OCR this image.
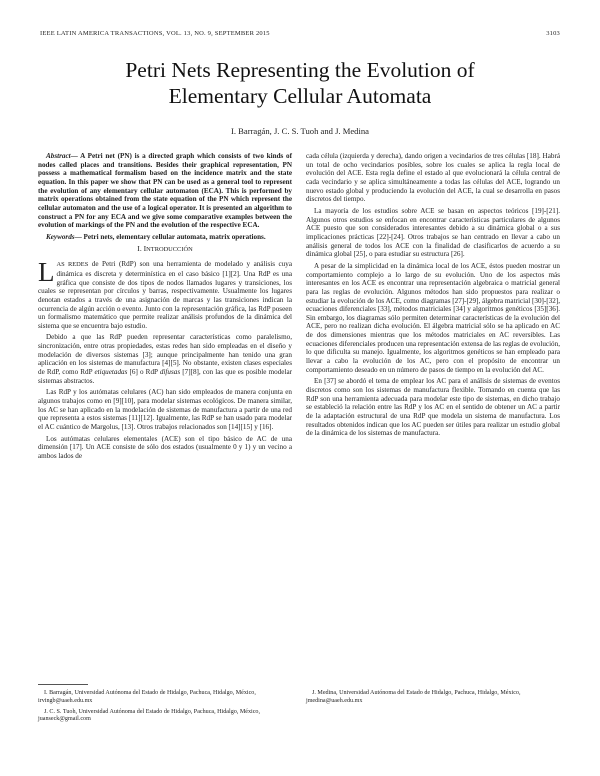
IEEE LATIN AMERICA TRANSACTIONS, VOL. 13, NO. 9, SEPTEMBER 2015	3103
Petri Nets Representing the Evolution of
Elementary Cellular Automata
I. Barragán, J. C. S. Tuoh and J. Medina

Abstract— A Petri net (PN) is a directed graph which consists of two kinds of nodes called places and transitions. Besides their graphical representation, PN possess a mathematical formalism based on the incidence matrix and the state equation. In this paper we show that PN can be used as a general tool to represent the evolution of any elementary cellular automaton (ECA). This is performed by matrix operations obtained from the state equation of the PN which represent the cellular automaton and the use of a logical operator. It is presented an algorithm to construct a PN for any ECA and we give some comparative examples between the evolution of markings of the PN and the evolution of the respective ECA.

Keywords— Petri nets, elementary cellular automata, matrix operations.

I. INTRODUCCIÓN

LAS REDES de Petri (RdP) son una herramienta de modelado y análisis cuya dinámica es discreta y determinística en el caso básico [1][2]. Una RdP es una gráfica que consiste de dos tipos de nodos llamados lugares y transiciones, los cuales se representan por círculos y barras, respectivamente. Usualmente los lugares denotan estados a través de una asignación de marcas y las transiciones indican la ocurrencia de algún acción o evento. Junto con la representación gráfica, las RdP poseen un formalismo matemático que permite realizar análisis profundos de la dinámica del sistema que se encuentra bajo estudio.

Debido a que las RdP pueden representar características como paralelismo, sincronización, entre otras propiedades, estas redes han sido empleadas en el diseño y modelación de diversos sistemas [3]; aunque principalmente han tenido una gran aplicación en los sistemas de manufactura [4][5]. No obstante, existen clases especiales de RdP, como RdP etiquetadas [6] o RdP difusas [7][8], con las que es posible modelar sistemas abstractos.

Las RdP y los autómatas celulares (AC) han sido empleados de manera conjunta en algunos trabajos como en [9][10], para modelar sistemas ecológicos. De manera similar, los AC se han aplicado en la modelación de sistemas de manufactura a partir de una red que representa a estos sistemas [11][12]. Igualmente, las RdP se han usado para modelar el AC cuántico de Margolus, [13]. Otros trabajos relacionados son [14][15] y [16].

Los autómatas celulares elementales (ACE) son el tipo básico de AC de una dimensión [17]. Un ACE consiste de sólo dos estados (usualmente 0 y 1) y un vecino a ambos lados de

cada célula (izquierda y derecha), dando origen a vecindarios de tres células [18]. Habrá un total de ocho vecindarios posibles, sobre los cuales se aplica la regla local de evolución del ACE. Esta regla define el estado al que evolucionará la célula central de cada vecindario y se aplica simultáneamente a todas las células del ACE, logrando un nuevo estado global y produciendo la evolución del ACE, la cual se desarrolla en pasos discretos del tiempo.

La mayoría de los estudios sobre ACE se basan en aspectos teóricos [19]-[21]. Algunos otros estudios se enfocan en encontrar características particulares de algunos ACE puesto que son considerados interesantes debido a su dinámica global o a sus implicaciones prácticas [22]-[24]. Otros trabajos se han centrado en llevar a cabo un análisis general de todos los ACE con la finalidad de clasificarlos de acuerdo a su dinámica global [25], o para estudiar su estructura [26].

A pesar de la simplicidad en la dinámica local de los ACE, éstos pueden mostrar un comportamiento complejo a lo largo de su evolución. Uno de los aspectos más interesantes en los ACE es encontrar una representación algebraica o matricial general para las reglas de evolución. Algunos métodos han sido propuestos para realizar o estudiar la evolución de los ACE, como diagramas [27]-[29], álgebra matricial [30]-[32], ecuaciones diferenciales [33], métodos matriciales [34] y algoritmos genéticos [35][36]. Sin embargo, los diagramas sólo permiten determinar características de la evolución del ACE, pero no realizan dicha evolución. El álgebra matricial sólo se ha aplicado en AC de dos dimensiones mientras que los métodos matriciales en AC reversibles. Las ecuaciones diferenciales producen una representación extensa de las reglas de evolución, lo que dificulta su manejo. Igualmente, los algoritmos genéticos se han empleado para llevar a cabo la evolución de los AC, pero con el propósito de encontrar un comportamiento deseado en un número de pasos de tiempo en la evolución del AC.

En [37] se abordó el tema de emplear los AC para el análisis de sistemas de eventos discretos como son los sistemas de manufactura flexible. Tomando en cuenta que las RdP son una herramienta adecuada para modelar este tipo de sistemas, en dicho trabajo se estableció la relación entre las RdP y los AC en el sentido de obtener un AC a partir de la adaptación estructural de una RdP que modela un sistema de manufactura. Los resultados obtenidos indican que los AC pueden ser útiles para realizar un estudio global de la dinámica de los sistemas de manufactura.

I. Barragán, Universidad Autónoma del Estado de Hidalgo, Pachuca, Hidalgo, México, irvingb@uaeh.edu.mx

J. C. S. Tuoh, Universidad Autónoma del Estado de Hidalgo, Pachuca, Hidalgo, México, juanseck@gmail.com

J. Medina, Universidad Autónoma del Estado de Hidalgo, Pachuca, Hidalgo, México, jmedina@uaeh.edu.mx
